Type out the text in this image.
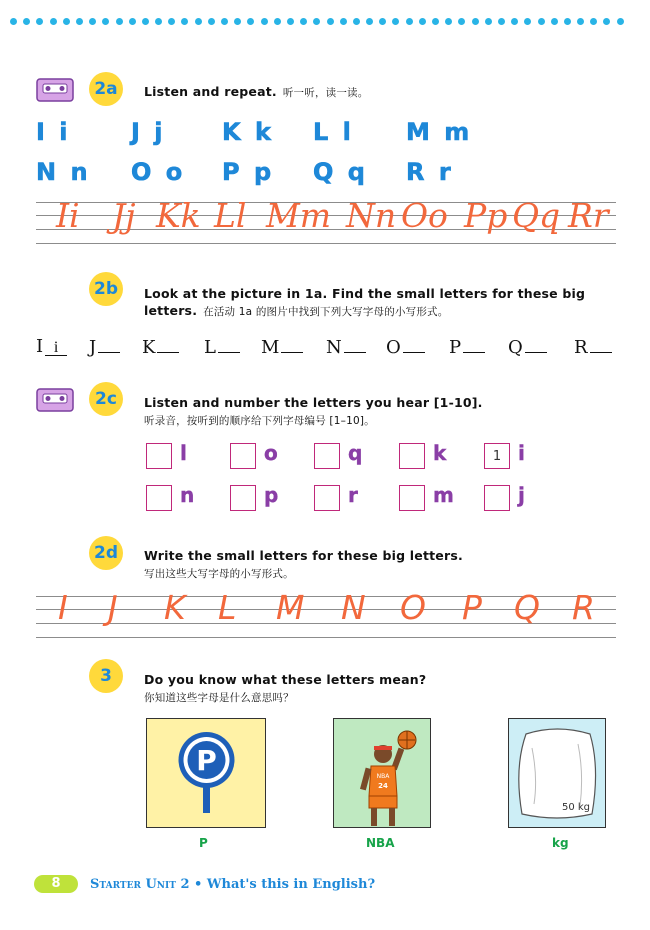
2a	Listen and repeat. 听一听，读一读。
I i	J j K k L l M m
N n O o P p Q q R r
Ii Jj Kk Ll Mm Nn Oo Pp Qq Rr
2b	Look at the picture in 1a. Find the small letters for these big letters. 在活动 1a 的图片中找到下列大写字母的小写形式。
I i	J	K	L	M	N	O	P	Q	R
2c	Listen and number the letters you hear [1-10].
听录音，按听到的顺序给下列字母编号 [1–10]。
l	o	q	k	1 i
n	p	r	m	j
2d	Write the small letters for these big letters.
写出这些大写字母的小写形式。
I J K L M N O P Q R
3	Do you know what these letters mean?
你知道这些字母是什么意思吗？
P
P
NBA
24
NBA
50 kg
kg
8	Starter Unit 2 • What's this in English?
